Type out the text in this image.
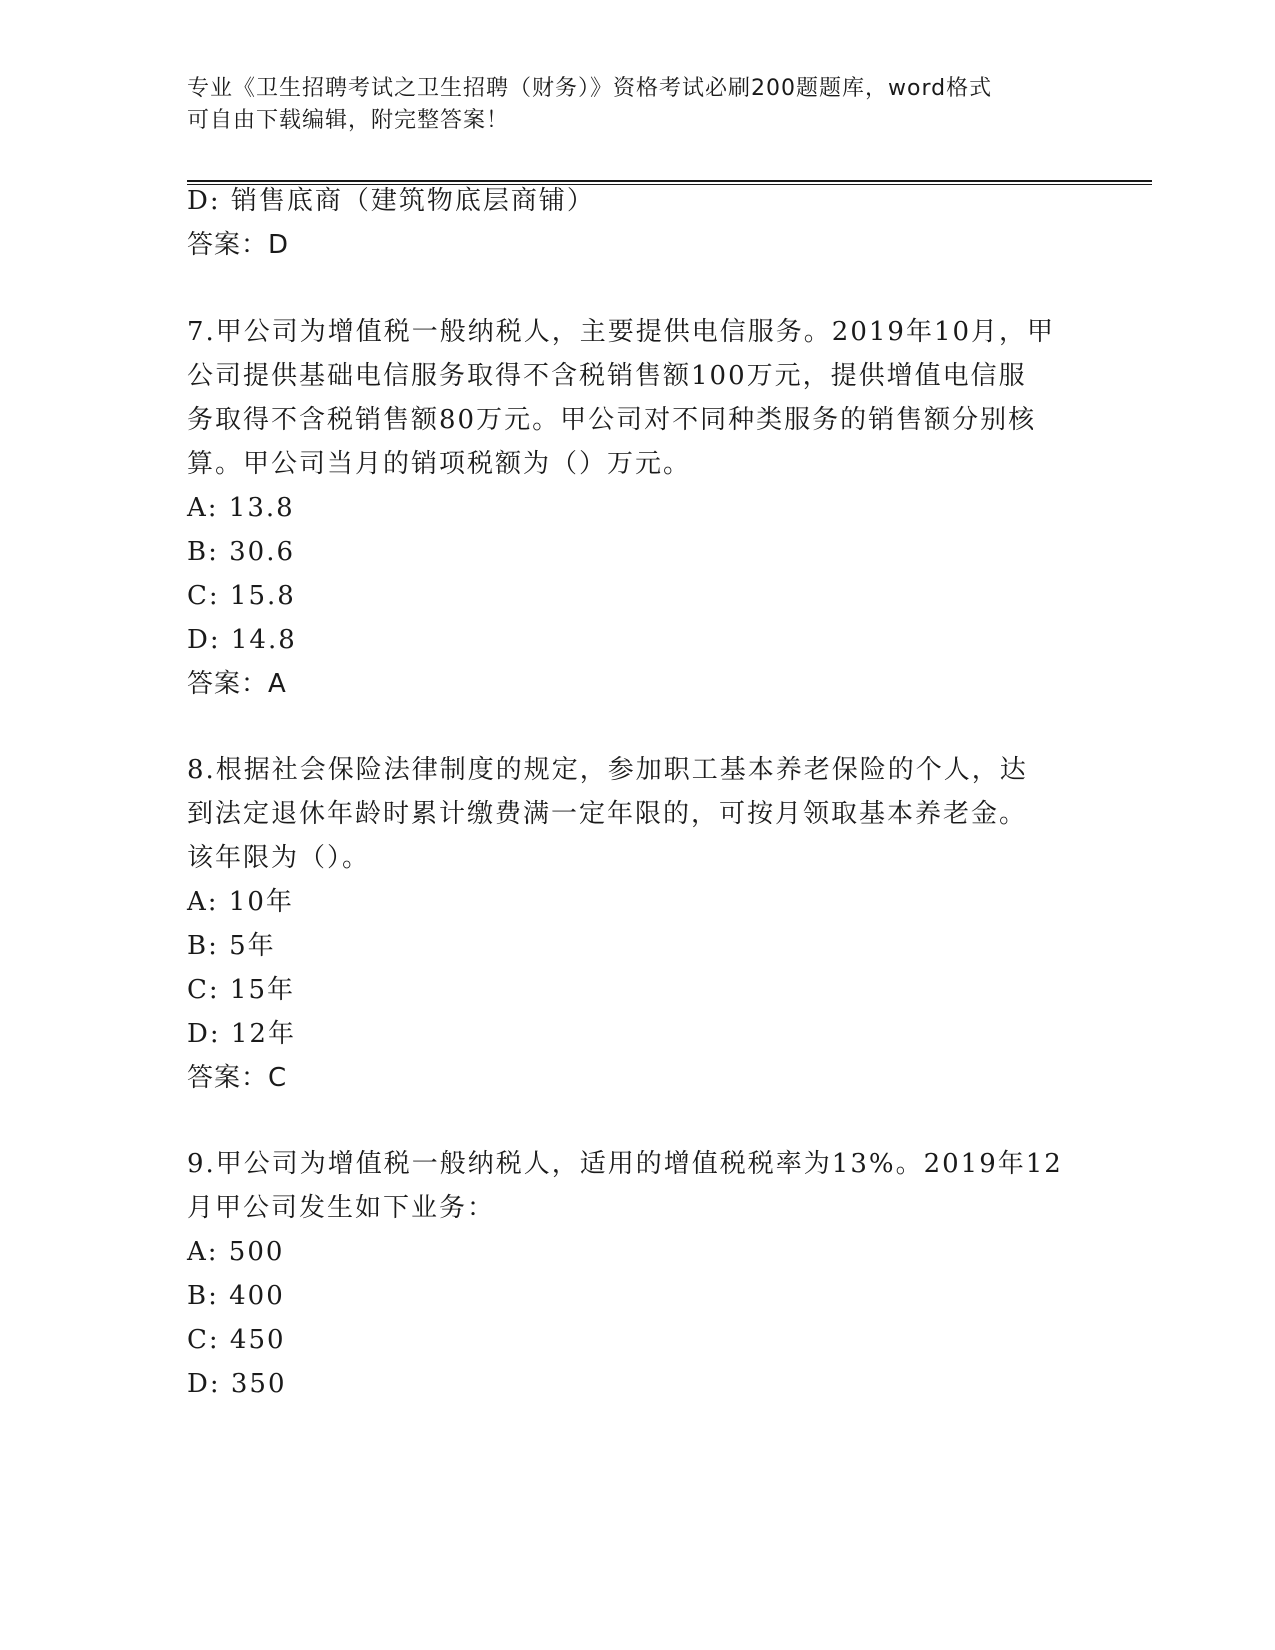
专业《卫生招聘考试之卫生招聘（财务）》资格考试必刷200题题库，word格式
可自由下载编辑，附完整答案！
D: 销售底商（建筑物底层商铺）
答案：D
7.甲公司为增值税一般纳税人，主要提供电信服务。2019年10月，甲
公司提供基础电信服务取得不含税销售额100万元，提供增值电信服
务取得不含税销售额80万元。甲公司对不同种类服务的销售额分别核
算。甲公司当月的销项税额为（）万元。
A: 13.8
B: 30.6
C: 15.8
D: 14.8
答案：A
8.根据社会保险法律制度的规定，参加职工基本养老保险的个人，达
到法定退休年龄时累计缴费满一定年限的，可按月领取基本养老金。
该年限为（）。
A: 10年
B: 5年
C: 15年
D: 12年
答案：C
9.甲公司为增值税一般纳税人，适用的增值税税率为13%。2019年12
月甲公司发生如下业务：
A: 500
B: 400
C: 450
D: 350
